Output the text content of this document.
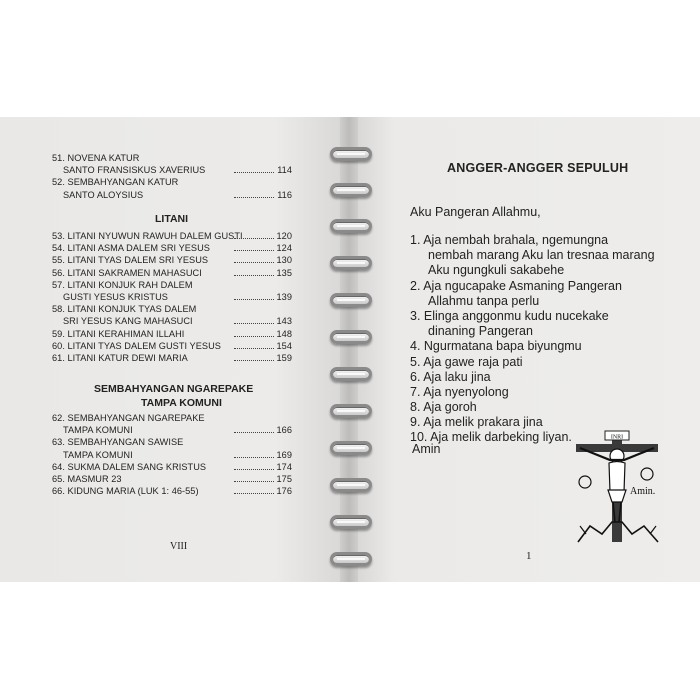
51. NOVENA KATUR
SANTO FRANSISKUS XAVERIUS	114
52. SEMBAHYANGAN KATUR
SANTO ALOYSIUS	116
LITANI
53. LITANI NYUWUN RAWUH DALEM GUSTI	120
54. LITANI ASMA DALEM SRI YESUS	124
55. LITANI TYAS DALEM SRI YESUS	130
56. LITANI SAKRAMEN MAHASUCI	135
57. LITANI KONJUK RAH DALEM
GUSTI YESUS KRISTUS	139
58. LITANI KONJUK TYAS DALEM
SRI YESUS KANG MAHASUCI	143
59. LITANI KERAHIMAN ILLAHI	148
60. LITANI TYAS DALEM GUSTI YESUS	154
61. LITANI KATUR DEWI MARIA	159
SEMBAHYANGAN NGAREPAKE
TAMPA KOMUNI
62. SEMBAHYANGAN NGAREPAKE
TAMPA KOMUNI	166
63. SEMBAHYANGAN SAWISE
TAMPA KOMUNI	169
64. SUKMA DALEM SANG KRISTUS	174
65. MASMUR 23	175
66. KIDUNG MARIA (LUK 1: 46-55)	176
VIII
ANGGER-ANGGER SEPULUH
Aku Pangeran Allahmu,
1. Aja nembah brahala, ngemungna
nembah marang Aku lan tresnaa marang
Aku ngungkuli sakabehe
2. Aja ngucapake Asmaning Pangeran
Allahmu tanpa perlu
3. Elinga anggonmu kudu nucekake
dinaning Pangeran
4. Ngurmatana bapa biyungmu
5. Aja gawe raja pati
6. Aja laku jina
7. Aja nyenyolong
8. Aja goroh
9. Aja melik prakara jina
10. Aja melik darbeking liyan.
Amin
INRI
Amin.
1
